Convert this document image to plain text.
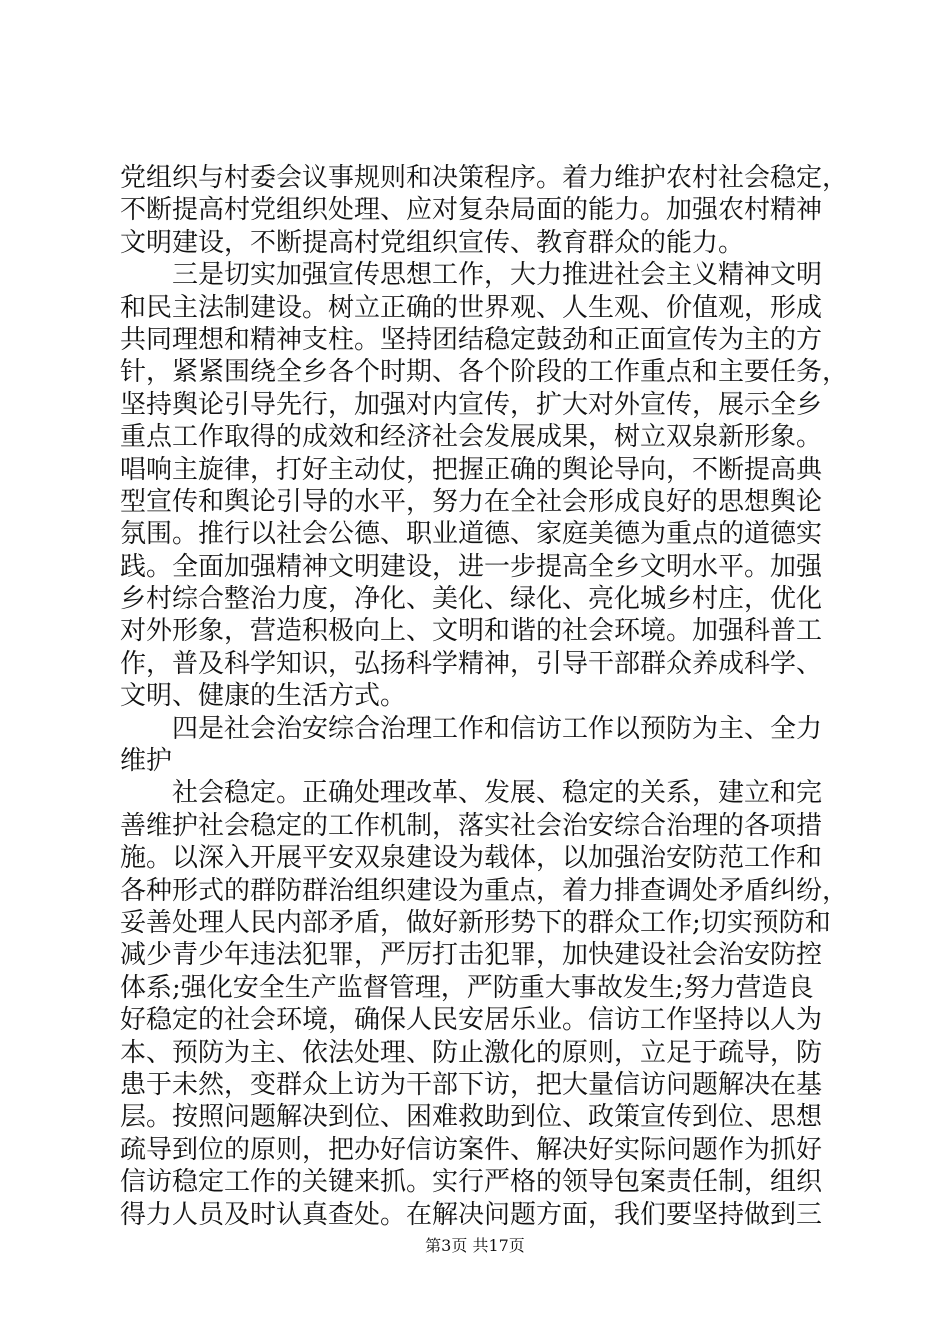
党组织与村委会议事规则和决策程序。着力维护农村社会稳定，
不断提高村党组织处理、应对复杂局面的能力。加强农村精神
文明建设，不断提高村党组织宣传、教育群众的能力。
　　三是切实加强宣传思想工作，大力推进社会主义精神文明
和民主法制建设。树立正确的世界观、人生观、价值观，形成
共同理想和精神支柱。坚持团结稳定鼓劲和正面宣传为主的方
针，紧紧围绕全乡各个时期、各个阶段的工作重点和主要任务，
坚持舆论引导先行，加强对内宣传，扩大对外宣传，展示全乡
重点工作取得的成效和经济社会发展成果，树立双泉新形象。
唱响主旋律，打好主动仗，把握正确的舆论导向，不断提高典
型宣传和舆论引导的水平，努力在全社会形成良好的思想舆论
氛围。推行以社会公德、职业道德、家庭美德为重点的道德实
践。全面加强精神文明建设，进一步提高全乡文明水平。加强
乡村综合整治力度，净化、美化、绿化、亮化城乡村庄，优化
对外形象，营造积极向上、文明和谐的社会环境。加强科普工
作，普及科学知识，弘扬科学精神，引导干部群众养成科学、
文明、健康的生活方式。
　　四是社会治安综合治理工作和信访工作以预防为主、全力
维护
　　社会稳定。正确处理改革、发展、稳定的关系，建立和完
善维护社会稳定的工作机制，落实社会治安综合治理的各项措
施。以深入开展平安双泉建设为载体，以加强治安防范工作和
各种形式的群防群治组织建设为重点，着力排查调处矛盾纠纷，
妥善处理人民内部矛盾，做好新形势下的群众工作;切实预防和
减少青少年违法犯罪，严厉打击犯罪，加快建设社会治安防控
体系;强化安全生产监督管理，严防重大事故发生;努力营造良
好稳定的社会环境，确保人民安居乐业。信访工作坚持以人为
本、预防为主、依法处理、防止激化的原则，立足于疏导，防
患于未然，变群众上访为干部下访，把大量信访问题解决在基
层。按照问题解决到位、困难救助到位、政策宣传到位、思想
疏导到位的原则，把办好信访案件、解决好实际问题作为抓好
信访稳定工作的关键来抓。实行严格的领导包案责任制，组织
得力人员及时认真查处。在解决问题方面，我们要坚持做到三
第3页 共17页
